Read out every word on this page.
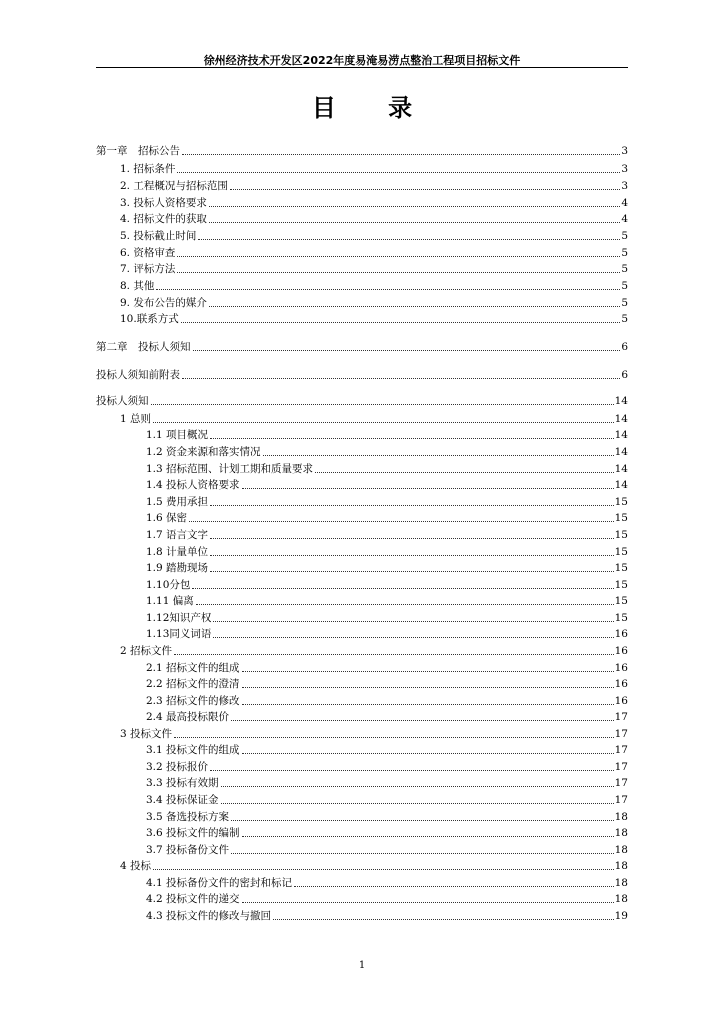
徐州经济技术开发区2022年度易淹易涝点整治工程项目招标文件
目 录
第一章　招标公告	3
1. 招标条件	3
2. 工程概况与招标范围	3
3. 投标人资格要求	4
4. 招标文件的获取	4
5. 投标截止时间	5
6. 资格审查	5
7. 评标方法	5
8. 其他	5
9. 发布公告的媒介	5
10.联系方式	5
第二章　投标人须知	6
投标人须知前附表	6
投标人须知	14
1 总则	14
1.1 项目概况	14
1.2 资金来源和落实情况	14
1.3 招标范围、计划工期和质量要求	14
1.4 投标人资格要求	14
1.5 费用承担	15
1.6 保密	15
1.7 语言文字	15
1.8 计量单位	15
1.9 踏勘现场	15
1.10分包	15
1.11 偏离	15
1.12知识产权	15
1.13同义词语	16
2 招标文件	16
2.1 招标文件的组成	16
2.2 招标文件的澄清	16
2.3 招标文件的修改	16
2.4 最高投标限价	17
3 投标文件	17
3.1 投标文件的组成	17
3.2 投标报价	17
3.3 投标有效期	17
3.4 投标保证金	17
3.5 备选投标方案	18
3.6 投标文件的编制	18
3.7 投标备份文件	18
4 投标	18
4.1 投标备份文件的密封和标记	18
4.2 投标文件的递交	18
4.3 投标文件的修改与撤回	19
1
